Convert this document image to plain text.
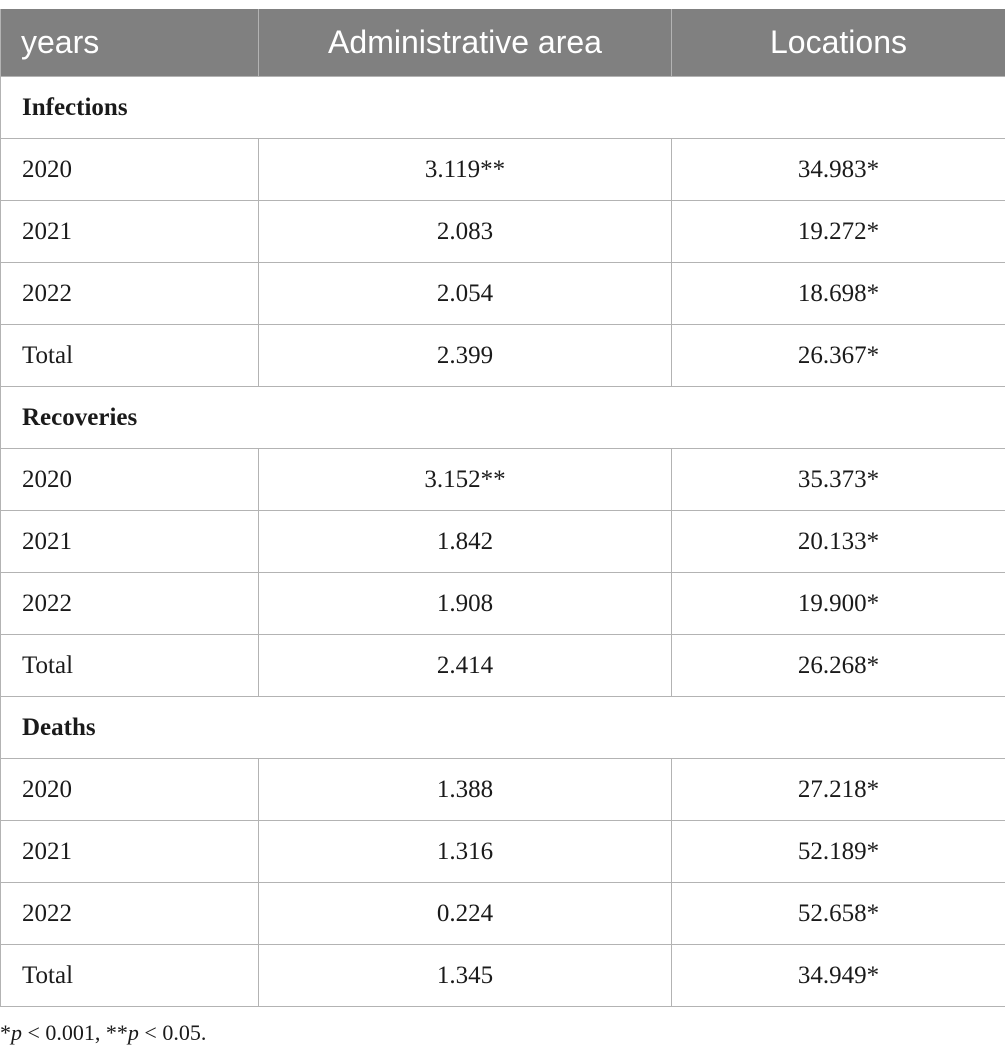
years	Administrative area	Locations
Infections		
2020	3.119**	34.983*
2021	2.083	19.272*
2022	2.054	18.698*
Total	2.399	26.367*
Recoveries		
2020	3.152**	35.373*
2021	1.842	20.133*
2022	1.908	19.900*
Total	2.414	26.268*
Deaths		
2020	1.388	27.218*
2021	1.316	52.189*
2022	0.224	52.658*
Total	1.345	34.949*
*p < 0.001, **p < 0.05.
